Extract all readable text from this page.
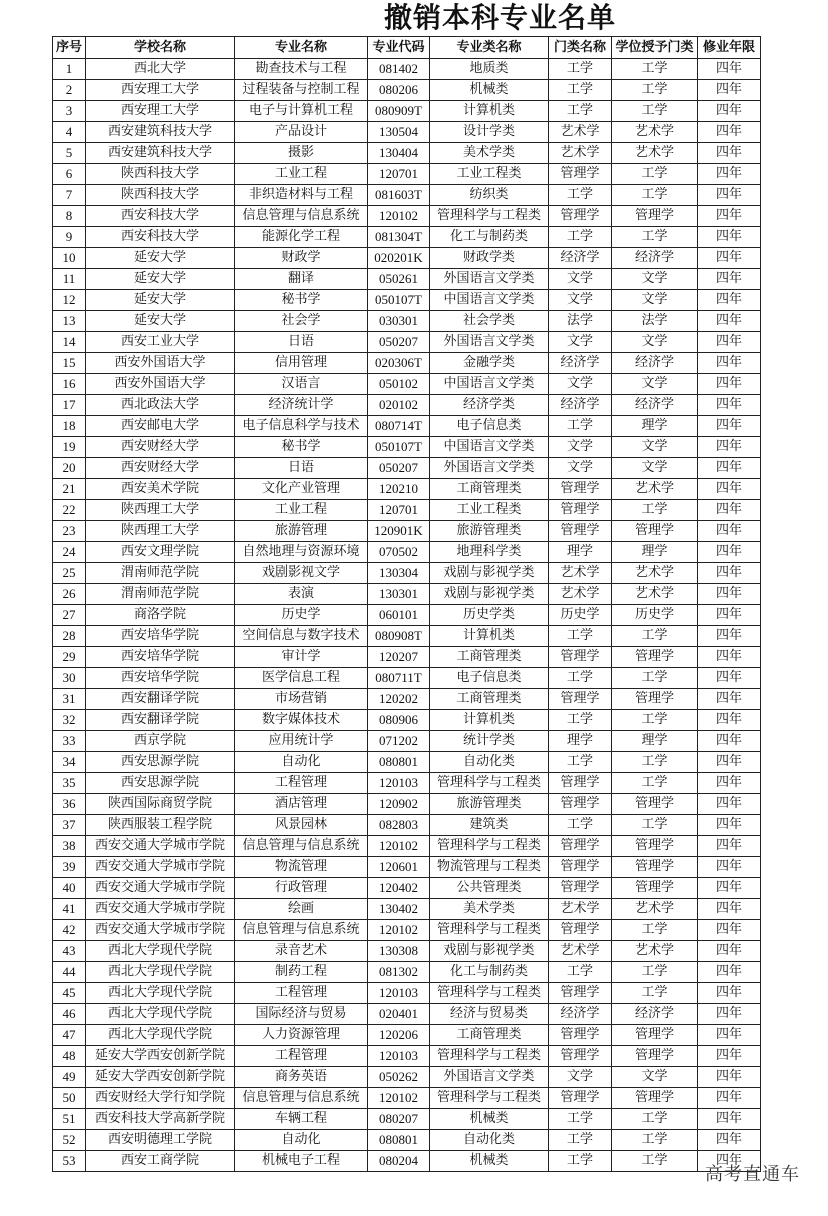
撤销本科专业名单
序号	学校名称	专业名称	专业代码	专业类名称	门类名称	学位授予门类	修业年限
1	西北大学	勘查技术与工程	081402	地质类	工学	工学	四年
2	西安理工大学	过程装备与控制工程	080206	机械类	工学	工学	四年
3	西安理工大学	电子与计算机工程	080909T	计算机类	工学	工学	四年
4	西安建筑科技大学	产品设计	130504	设计学类	艺术学	艺术学	四年
5	西安建筑科技大学	摄影	130404	美术学类	艺术学	艺术学	四年
6	陕西科技大学	工业工程	120701	工业工程类	管理学	工学	四年
7	陕西科技大学	非织造材料与工程	081603T	纺织类	工学	工学	四年
8	西安科技大学	信息管理与信息系统	120102	管理科学与工程类	管理学	管理学	四年
9	西安科技大学	能源化学工程	081304T	化工与制药类	工学	工学	四年
10	延安大学	财政学	020201K	财政学类	经济学	经济学	四年
11	延安大学	翻译	050261	外国语言文学类	文学	文学	四年
12	延安大学	秘书学	050107T	中国语言文学类	文学	文学	四年
13	延安大学	社会学	030301	社会学类	法学	法学	四年
14	西安工业大学	日语	050207	外国语言文学类	文学	文学	四年
15	西安外国语大学	信用管理	020306T	金融学类	经济学	经济学	四年
16	西安外国语大学	汉语言	050102	中国语言文学类	文学	文学	四年
17	西北政法大学	经济统计学	020102	经济学类	经济学	经济学	四年
18	西安邮电大学	电子信息科学与技术	080714T	电子信息类	工学	理学	四年
19	西安财经大学	秘书学	050107T	中国语言文学类	文学	文学	四年
20	西安财经大学	日语	050207	外国语言文学类	文学	文学	四年
21	西安美术学院	文化产业管理	120210	工商管理类	管理学	艺术学	四年
22	陕西理工大学	工业工程	120701	工业工程类	管理学	工学	四年
23	陕西理工大学	旅游管理	120901K	旅游管理类	管理学	管理学	四年
24	西安文理学院	自然地理与资源环境	070502	地理科学类	理学	理学	四年
25	渭南师范学院	戏剧影视文学	130304	戏剧与影视学类	艺术学	艺术学	四年
26	渭南师范学院	表演	130301	戏剧与影视学类	艺术学	艺术学	四年
27	商洛学院	历史学	060101	历史学类	历史学	历史学	四年
28	西安培华学院	空间信息与数字技术	080908T	计算机类	工学	工学	四年
29	西安培华学院	审计学	120207	工商管理类	管理学	管理学	四年
30	西安培华学院	医学信息工程	080711T	电子信息类	工学	工学	四年
31	西安翻译学院	市场营销	120202	工商管理类	管理学	管理学	四年
32	西安翻译学院	数字媒体技术	080906	计算机类	工学	工学	四年
33	西京学院	应用统计学	071202	统计学类	理学	理学	四年
34	西安思源学院	自动化	080801	自动化类	工学	工学	四年
35	西安思源学院	工程管理	120103	管理科学与工程类	管理学	工学	四年
36	陕西国际商贸学院	酒店管理	120902	旅游管理类	管理学	管理学	四年
37	陕西服装工程学院	风景园林	082803	建筑类	工学	工学	四年
38	西安交通大学城市学院	信息管理与信息系统	120102	管理科学与工程类	管理学	管理学	四年
39	西安交通大学城市学院	物流管理	120601	物流管理与工程类	管理学	管理学	四年
40	西安交通大学城市学院	行政管理	120402	公共管理类	管理学	管理学	四年
41	西安交通大学城市学院	绘画	130402	美术学类	艺术学	艺术学	四年
42	西安交通大学城市学院	信息管理与信息系统	120102	管理科学与工程类	管理学	工学	四年
43	西北大学现代学院	录音艺术	130308	戏剧与影视学类	艺术学	艺术学	四年
44	西北大学现代学院	制药工程	081302	化工与制药类	工学	工学	四年
45	西北大学现代学院	工程管理	120103	管理科学与工程类	管理学	工学	四年
46	西北大学现代学院	国际经济与贸易	020401	经济与贸易类	经济学	经济学	四年
47	西北大学现代学院	人力资源管理	120206	工商管理类	管理学	管理学	四年
48	延安大学西安创新学院	工程管理	120103	管理科学与工程类	管理学	管理学	四年
49	延安大学西安创新学院	商务英语	050262	外国语言文学类	文学	文学	四年
50	西安财经大学行知学院	信息管理与信息系统	120102	管理科学与工程类	管理学	管理学	四年
51	西安科技大学高新学院	车辆工程	080207	机械类	工学	工学	四年
52	西安明德理工学院	自动化	080801	自动化类	工学	工学	四年
53	西安工商学院	机械电子工程	080204	机械类	工学	工学	四年
高考直通车
